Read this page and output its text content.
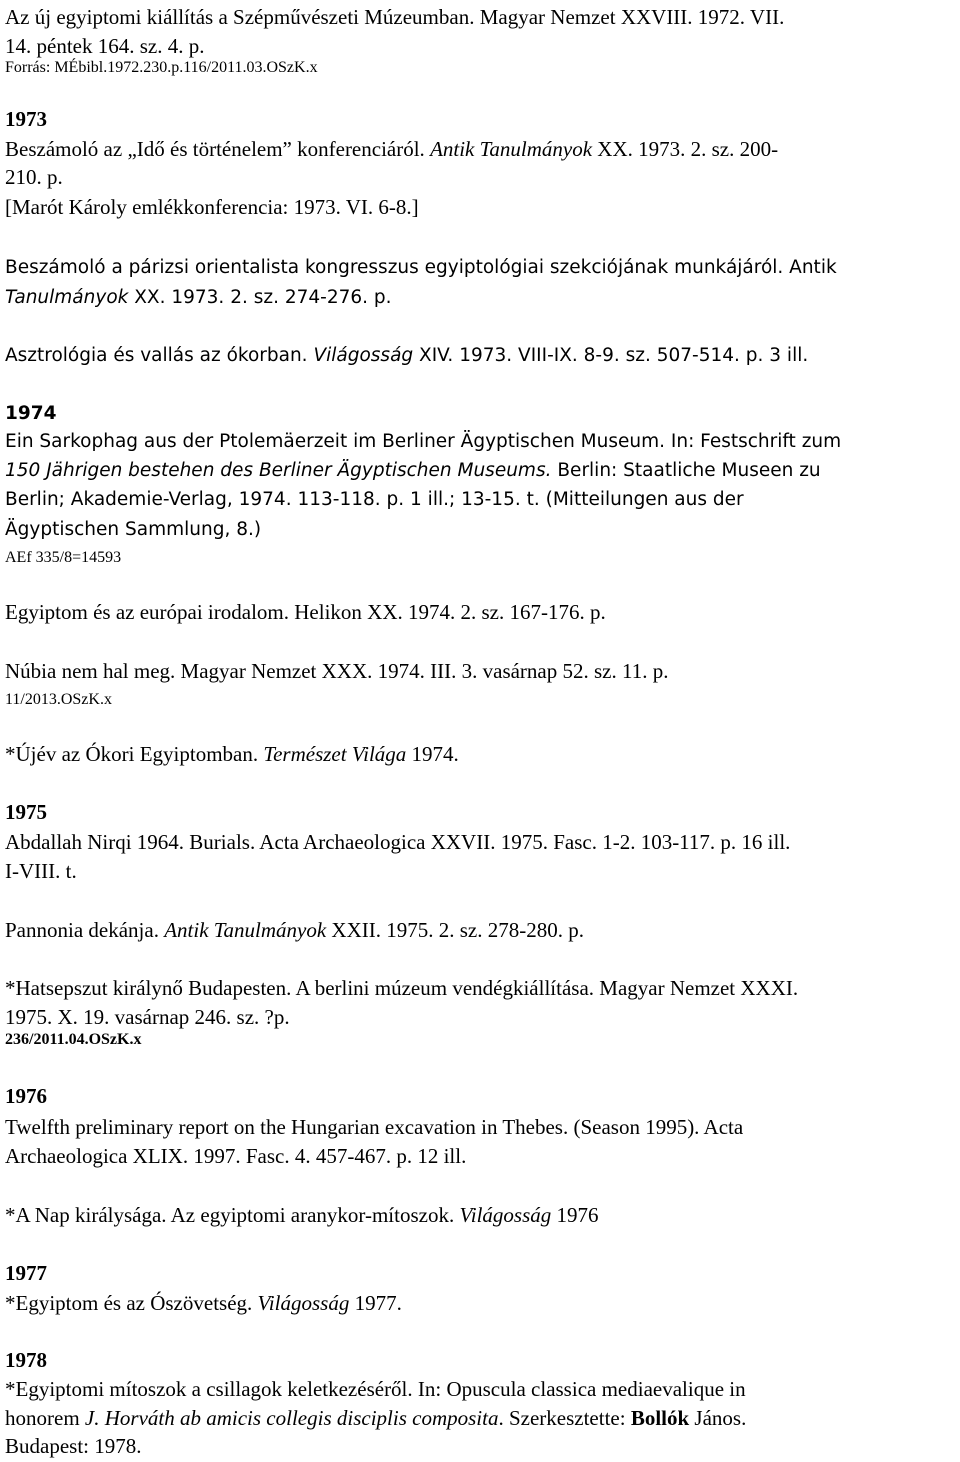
Az új egyiptomi kiállítás a Szépművészeti Múzeumban. Magyar Nemzet XXVIII. 1972. VII.
14. péntek 164. sz. 4. p.
Forrás: MÉbibl.1972.230.p.116/2011.03.OSzK.x
1973
Beszámoló az „Idő és történelem” konferenciáról. Antik Tanulmányok XX. 1973. 2. sz. 200-
210. p.
[Marót Károly emlékkonferencia: 1973. VI. 6-8.]
Beszámoló a párizsi orientalista kongresszus egyiptológiai szekciójának munkájáról. Antik
Tanulmányok XX. 1973. 2. sz. 274-276. p.
Asztrológia és vallás az ókorban. Világosság XIV. 1973. VIII-IX. 8-9. sz. 507-514. p. 3 ill.
1974
Ein Sarkophag aus der Ptolemäerzeit im Berliner Ägyptischen Museum. In: Festschrift zum
150 Jährigen bestehen des Berliner Ägyptischen Museums. Berlin: Staatliche Museen zu
Berlin; Akademie-Verlag, 1974. 113-118. p. 1 ill.; 13-15. t. (Mitteilungen aus der
Ägyptischen Sammlung, 8.)
AEf 335/8=14593
Egyiptom és az európai irodalom. Helikon XX. 1974. 2. sz. 167-176. p.
Núbia nem hal meg. Magyar Nemzet XXX. 1974. III. 3. vasárnap 52. sz. 11. p.
11/2013.OSzK.x
*Újév az Ókori Egyiptomban. Természet Világa 1974.
1975
Abdallah Nirqi 1964. Burials. Acta Archaeologica XXVII. 1975. Fasc. 1-2. 103-117. p. 16 ill.
I-VIII. t.
Pannonia dekánja. Antik Tanulmányok XXII. 1975. 2. sz. 278-280. p.
*Hatsepszut királynő Budapesten. A berlini múzeum vendégkiállítása. Magyar Nemzet XXXI.
1975. X. 19. vasárnap 246. sz. ?p.
236/2011.04.OSzK.x
1976
Twelfth preliminary report on the Hungarian excavation in Thebes. (Season 1995). Acta
Archaeologica XLIX. 1997. Fasc. 4. 457-467. p. 12 ill.
*A Nap királysága. Az egyiptomi aranykor-mítoszok. Világosság 1976
1977
*Egyiptom és az Ószövetség. Világosság 1977.
1978
*Egyiptomi mítoszok a csillagok keletkezéséről. In: Opuscula classica mediaevalique in
honorem J. Horváth ab amicis collegis disciplis composita. Szerkesztette: Bollók János.
Budapest: 1978.
